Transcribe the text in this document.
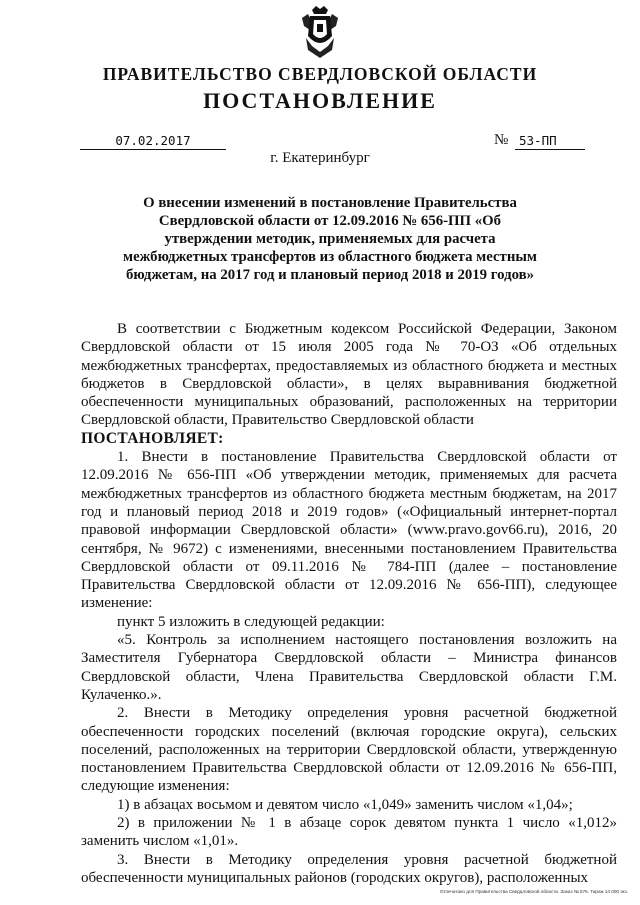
ПРАВИТЕЛЬСТВО СВЕРДЛОВСКОЙ ОБЛАСТИ
ПОСТАНОВЛЕНИЕ
07.02.2017	№ 53-ПП
г. Екатеринбург
О внесении изменений в постановление Правительства Свердловской области от 12.09.2016 № 656-ПП «Об утверждении методик, применяемых для расчета межбюджетных трансфертов из областного бюджета местным бюджетам, на 2017 год и плановый период 2018 и 2019 годов»

В соответствии с Бюджетным кодексом Российской Федерации, Законом Свердловской области от 15 июля 2005 года № 70-ОЗ «Об отдельных межбюджетных трансфертах, предоставляемых из областного бюджета и местных бюджетов в Свердловской области», в целях выравнивания бюджетной обеспеченности муниципальных образований, расположенных на территории Свердловской области, Правительство Свердловской области

ПОСТАНОВЛЯЕТ:

1. Внести в постановление Правительства Свердловской области от 12.09.2016 № 656-ПП «Об утверждении методик, применяемых для расчета межбюджетных трансфертов из областного бюджета местным бюджетам, на 2017 год и плановый период 2018 и 2019 годов» («Официальный интернет-портал правовой информации Свердловской области» (www.pravo.gov66.ru), 2016, 20 сентября, № 9672) с изменениями, внесенными постановлением Правительства Свердловской области от 09.11.2016 № 784-ПП (далее – постановление Правительства Свердловской области от 12.09.2016 № 656-ПП), следующее изменение:

пункт 5 изложить в следующей редакции:

«5. Контроль за исполнением настоящего постановления возложить на Заместителя Губернатора Свердловской области – Министра финансов Свердловской области, Члена Правительства Свердловской области Г.М. Кулаченко.».

2. Внести в Методику определения уровня расчетной бюджетной обеспеченности городских поселений (включая городские округа), сельских поселений, расположенных на территории Свердловской области, утвержденную постановлением Правительства Свердловской области от 12.09.2016 № 656-ПП, следующие изменения:

1) в абзацах восьмом и девятом число «1,049» заменить числом «1,04»;

2) в приложении № 1 в абзаце сорок девятом пункта 1 число «1,012» заменить числом «1,01».

3. Внести в Методику определения уровня расчетной бюджетной обеспеченности муниципальных районов (городских округов), расположенных

Отпечатано для Правительства Свердловской области. Заказ № 576. Тираж 14 000 экз.
